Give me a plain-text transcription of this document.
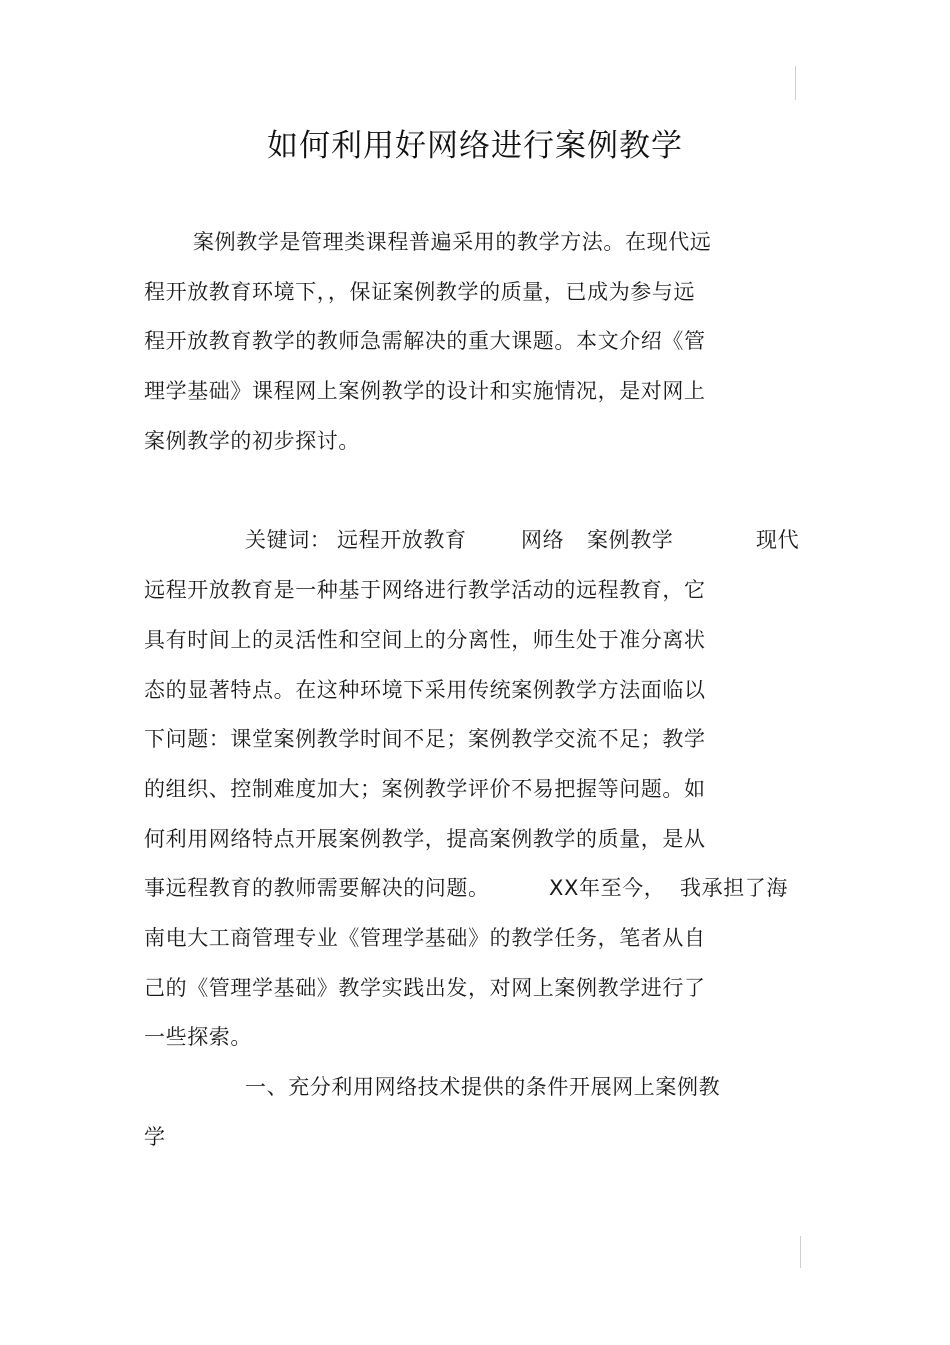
如何利用好网络进行案例教学
案例教学是管理类课程普遍采用的教学方法。在现代远
程开放教育环境下，，保证案例教学的质量，已成为参与远
程开放教育教学的教师急需解决的重大课题。本文介绍《管
理学基础》课程网上案例教学的设计和实施情况，是对网上
案例教学的初步探讨。
关键词： 远程开放教育	网络 案例教学	现代
远程开放教育是一种基于网络进行教学活动的远程教育，它
具有时间上的灵活性和空间上的分离性，师生处于准分离状
态的显著特点。在这种环境下采用传统案例教学方法面临以
下问题：课堂案例教学时间不足；案例教学交流不足；教学
的组织、控制难度加大；案例教学评价不易把握等问题。如
何利用网络特点开展案例教学，提高案例教学的质量，是从
事远程教育的教师需要解决的问题。	XX年至今， 我承担了海
南电大工商管理专业《管理学基础》的教学任务，笔者从自
己的《管理学基础》教学实践出发，对网上案例教学进行了
一些探索。
一、充分利用网络技术提供的条件开展网上案例教
学
